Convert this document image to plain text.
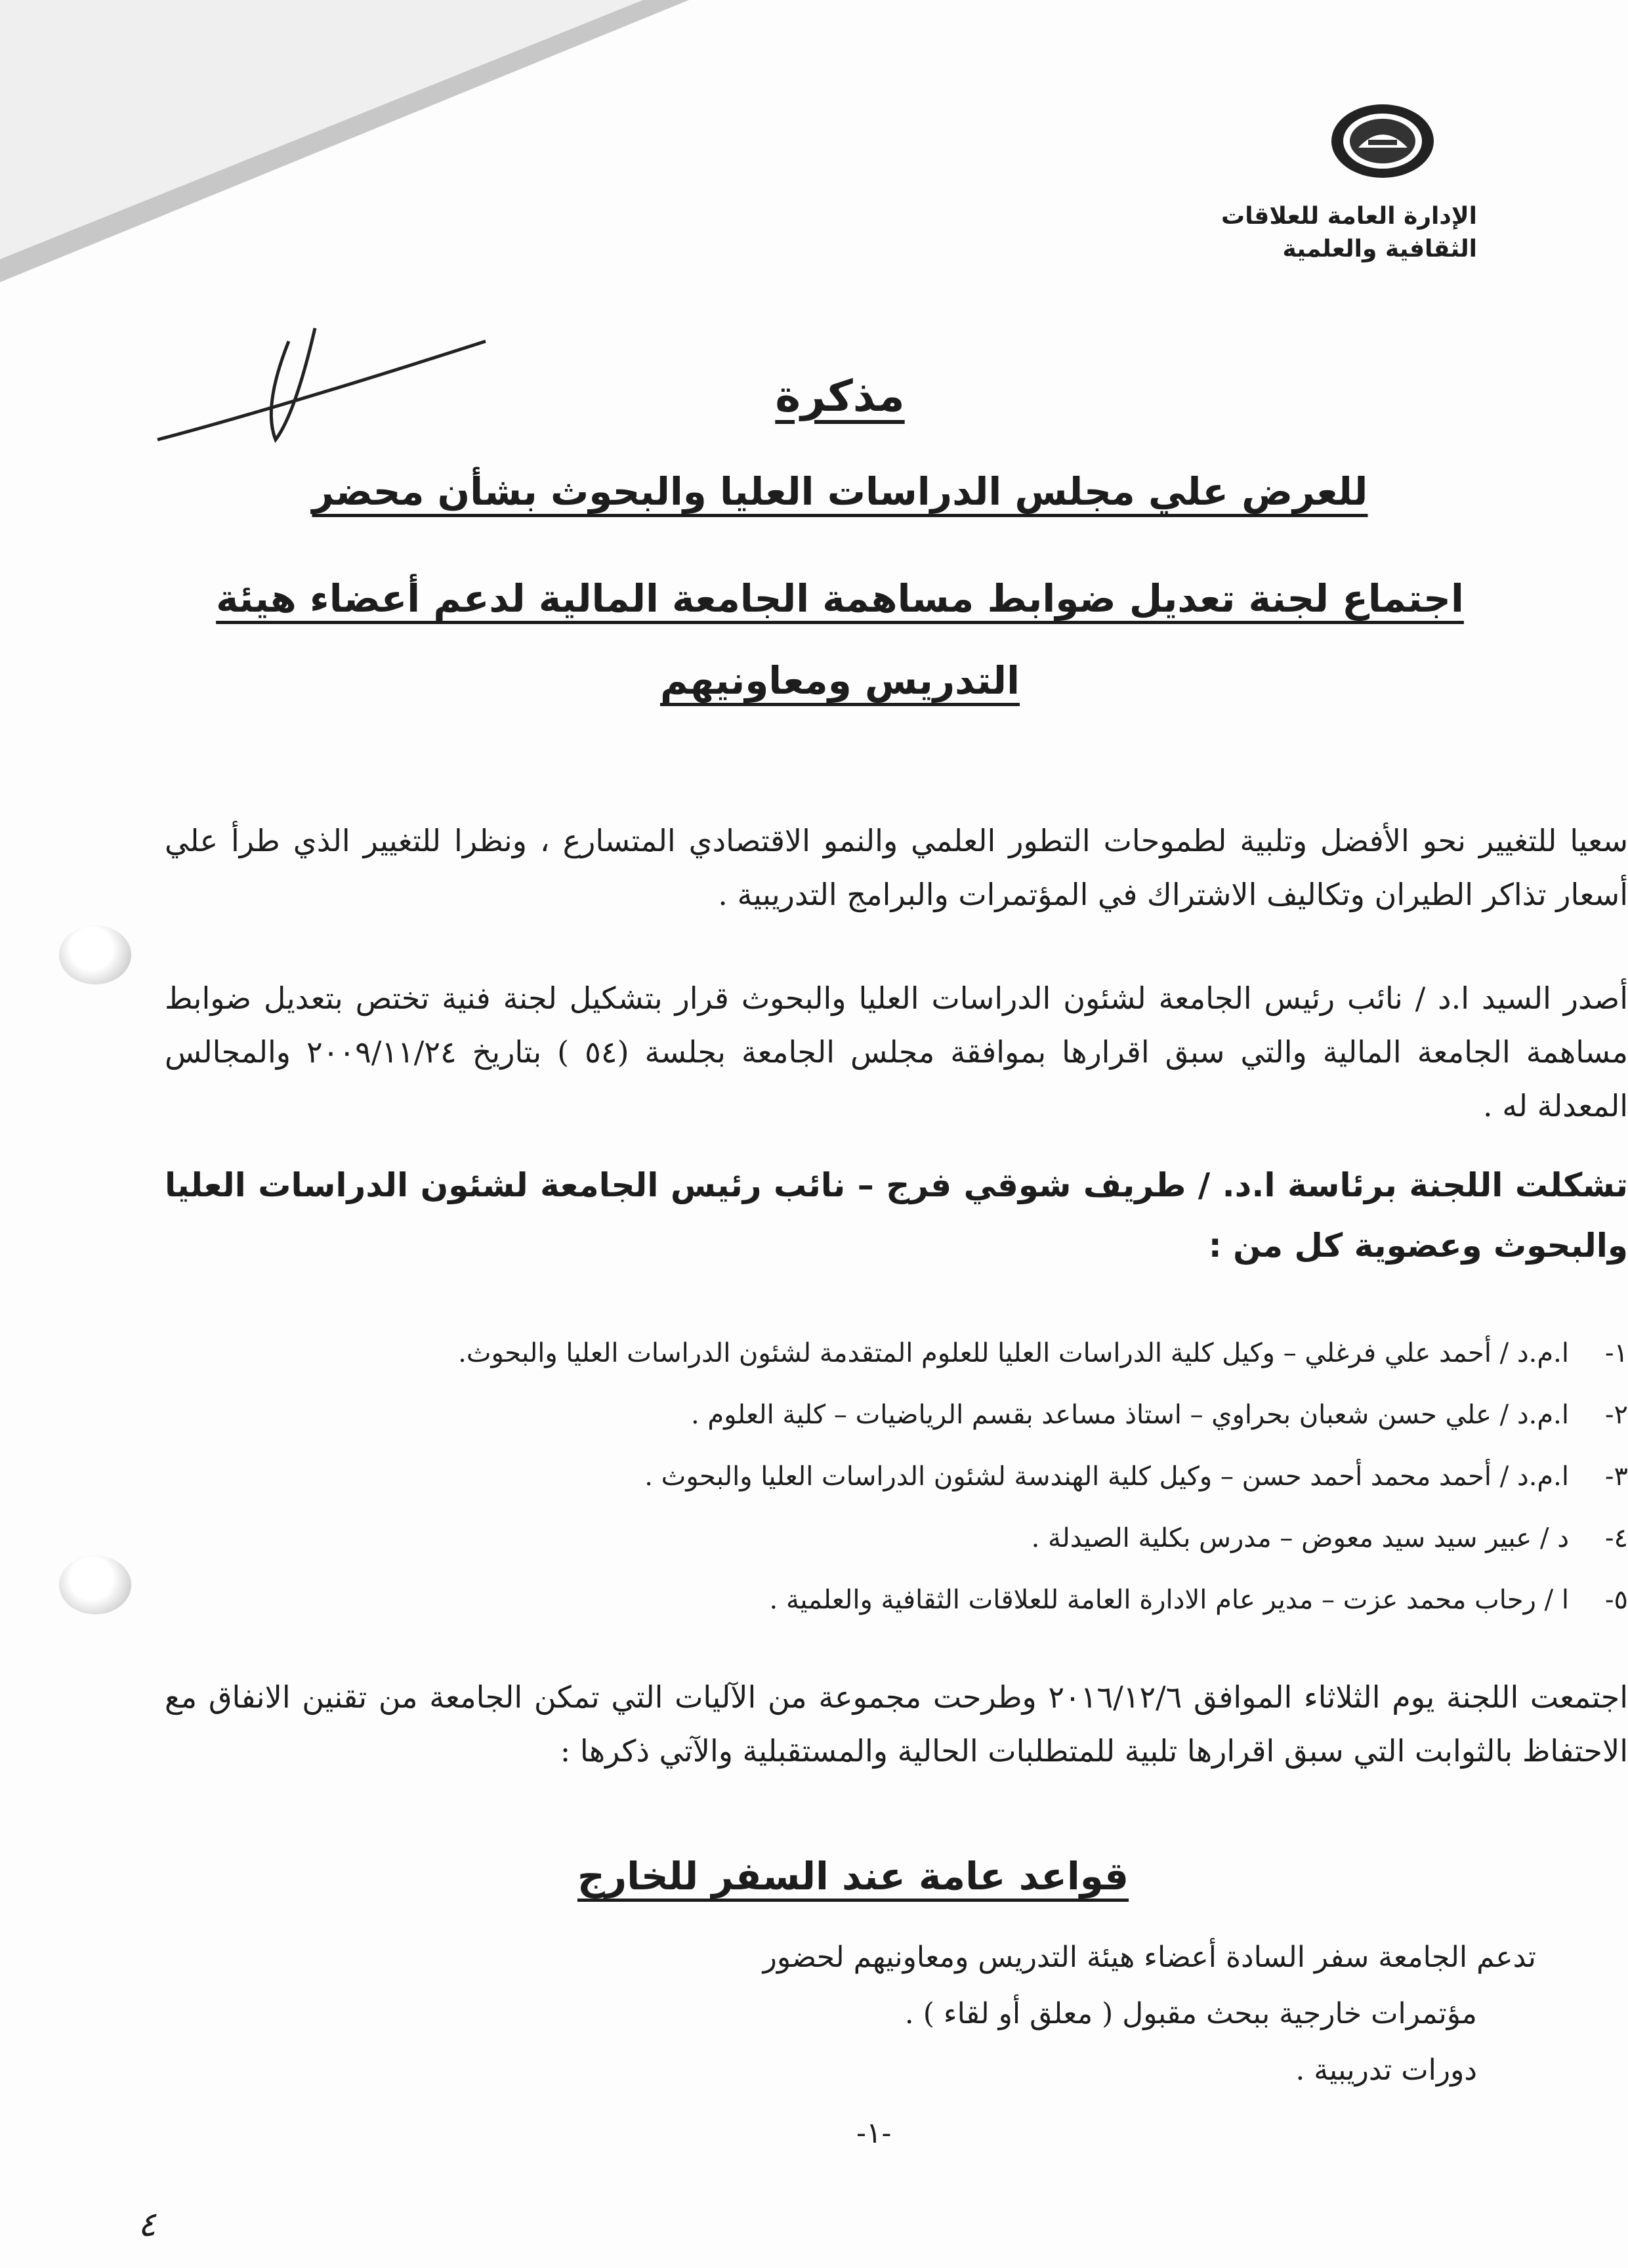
الإدارة العامة للعلاقات
الثقافية والعلمية
للعرض علي مجلس الدراسات
العليا
١٢/١٩
٢٠١٦
مذكرة
للعرض علي مجلس الدراسات العليا والبحوث بشأن محضر
اجتماع لجنة تعديل ضوابط مساهمة الجامعة المالية لدعم أعضاء هيئة التدريس ومعاونيهم
سعيا للتغيير نحو الأفضل وتلبية لطموحات التطور العلمي والنمو الاقتصادي المتسارع ، ونظرا للتغيير الذي طرأ علي أسعار تذاكر الطيران وتكاليف الاشتراك في المؤتمرات والبرامج التدريبية .
أصدر السيد ا.د / نائب رئيس الجامعة لشئون الدراسات العليا والبحوث قرار بتشكيل لجنة فنية تختص بتعديل ضوابط مساهمة الجامعة المالية والتي سبق اقرارها بموافقة مجلس الجامعة بجلسة (٥٤ ) بتاريخ ٢٠٠٩/١١/٢٤ والمجالس المعدلة له .
تشكلت اللجنة برئاسة ا.د. / طريف شوقي فرج – نائب رئيس الجامعة لشئون الدراسات العليا والبحوث وعضوية كل من :
١-
ا.م.د / أحمد علي فرغلي – وكيل كلية الدراسات العليا للعلوم المتقدمة لشئون الدراسات العليا والبحوث.
٢-
ا.م.د / علي حسن شعبان بحراوي – استاذ مساعد بقسم الرياضيات – كلية العلوم .
٣-
ا.م.د / أحمد محمد أحمد حسن – وكيل كلية الهندسة لشئون الدراسات العليا والبحوث .
٤-
د / عبير سيد سيد معوض – مدرس بكلية الصيدلة .
٥-
ا / رحاب محمد عزت – مدير عام الادارة العامة للعلاقات الثقافية والعلمية .
اجتمعت اللجنة يوم الثلاثاء الموافق ٢٠١٦/١٢/٦ وطرحت مجموعة من الآليات التي تمكن الجامعة من تقنين الانفاق مع الاحتفاظ بالثوابت التي سبق اقرارها تلبية للمتطلبات الحالية والمستقبلية والآتي ذكرها :
قواعد عامة عند السفر للخارج
تدعم الجامعة سفر السادة أعضاء هيئة التدريس ومعاونيهم لحضور
مؤتمرات خارجية ببحث مقبول ( معلق أو لقاء ) .
دورات تدريبية .
-١-
٤
